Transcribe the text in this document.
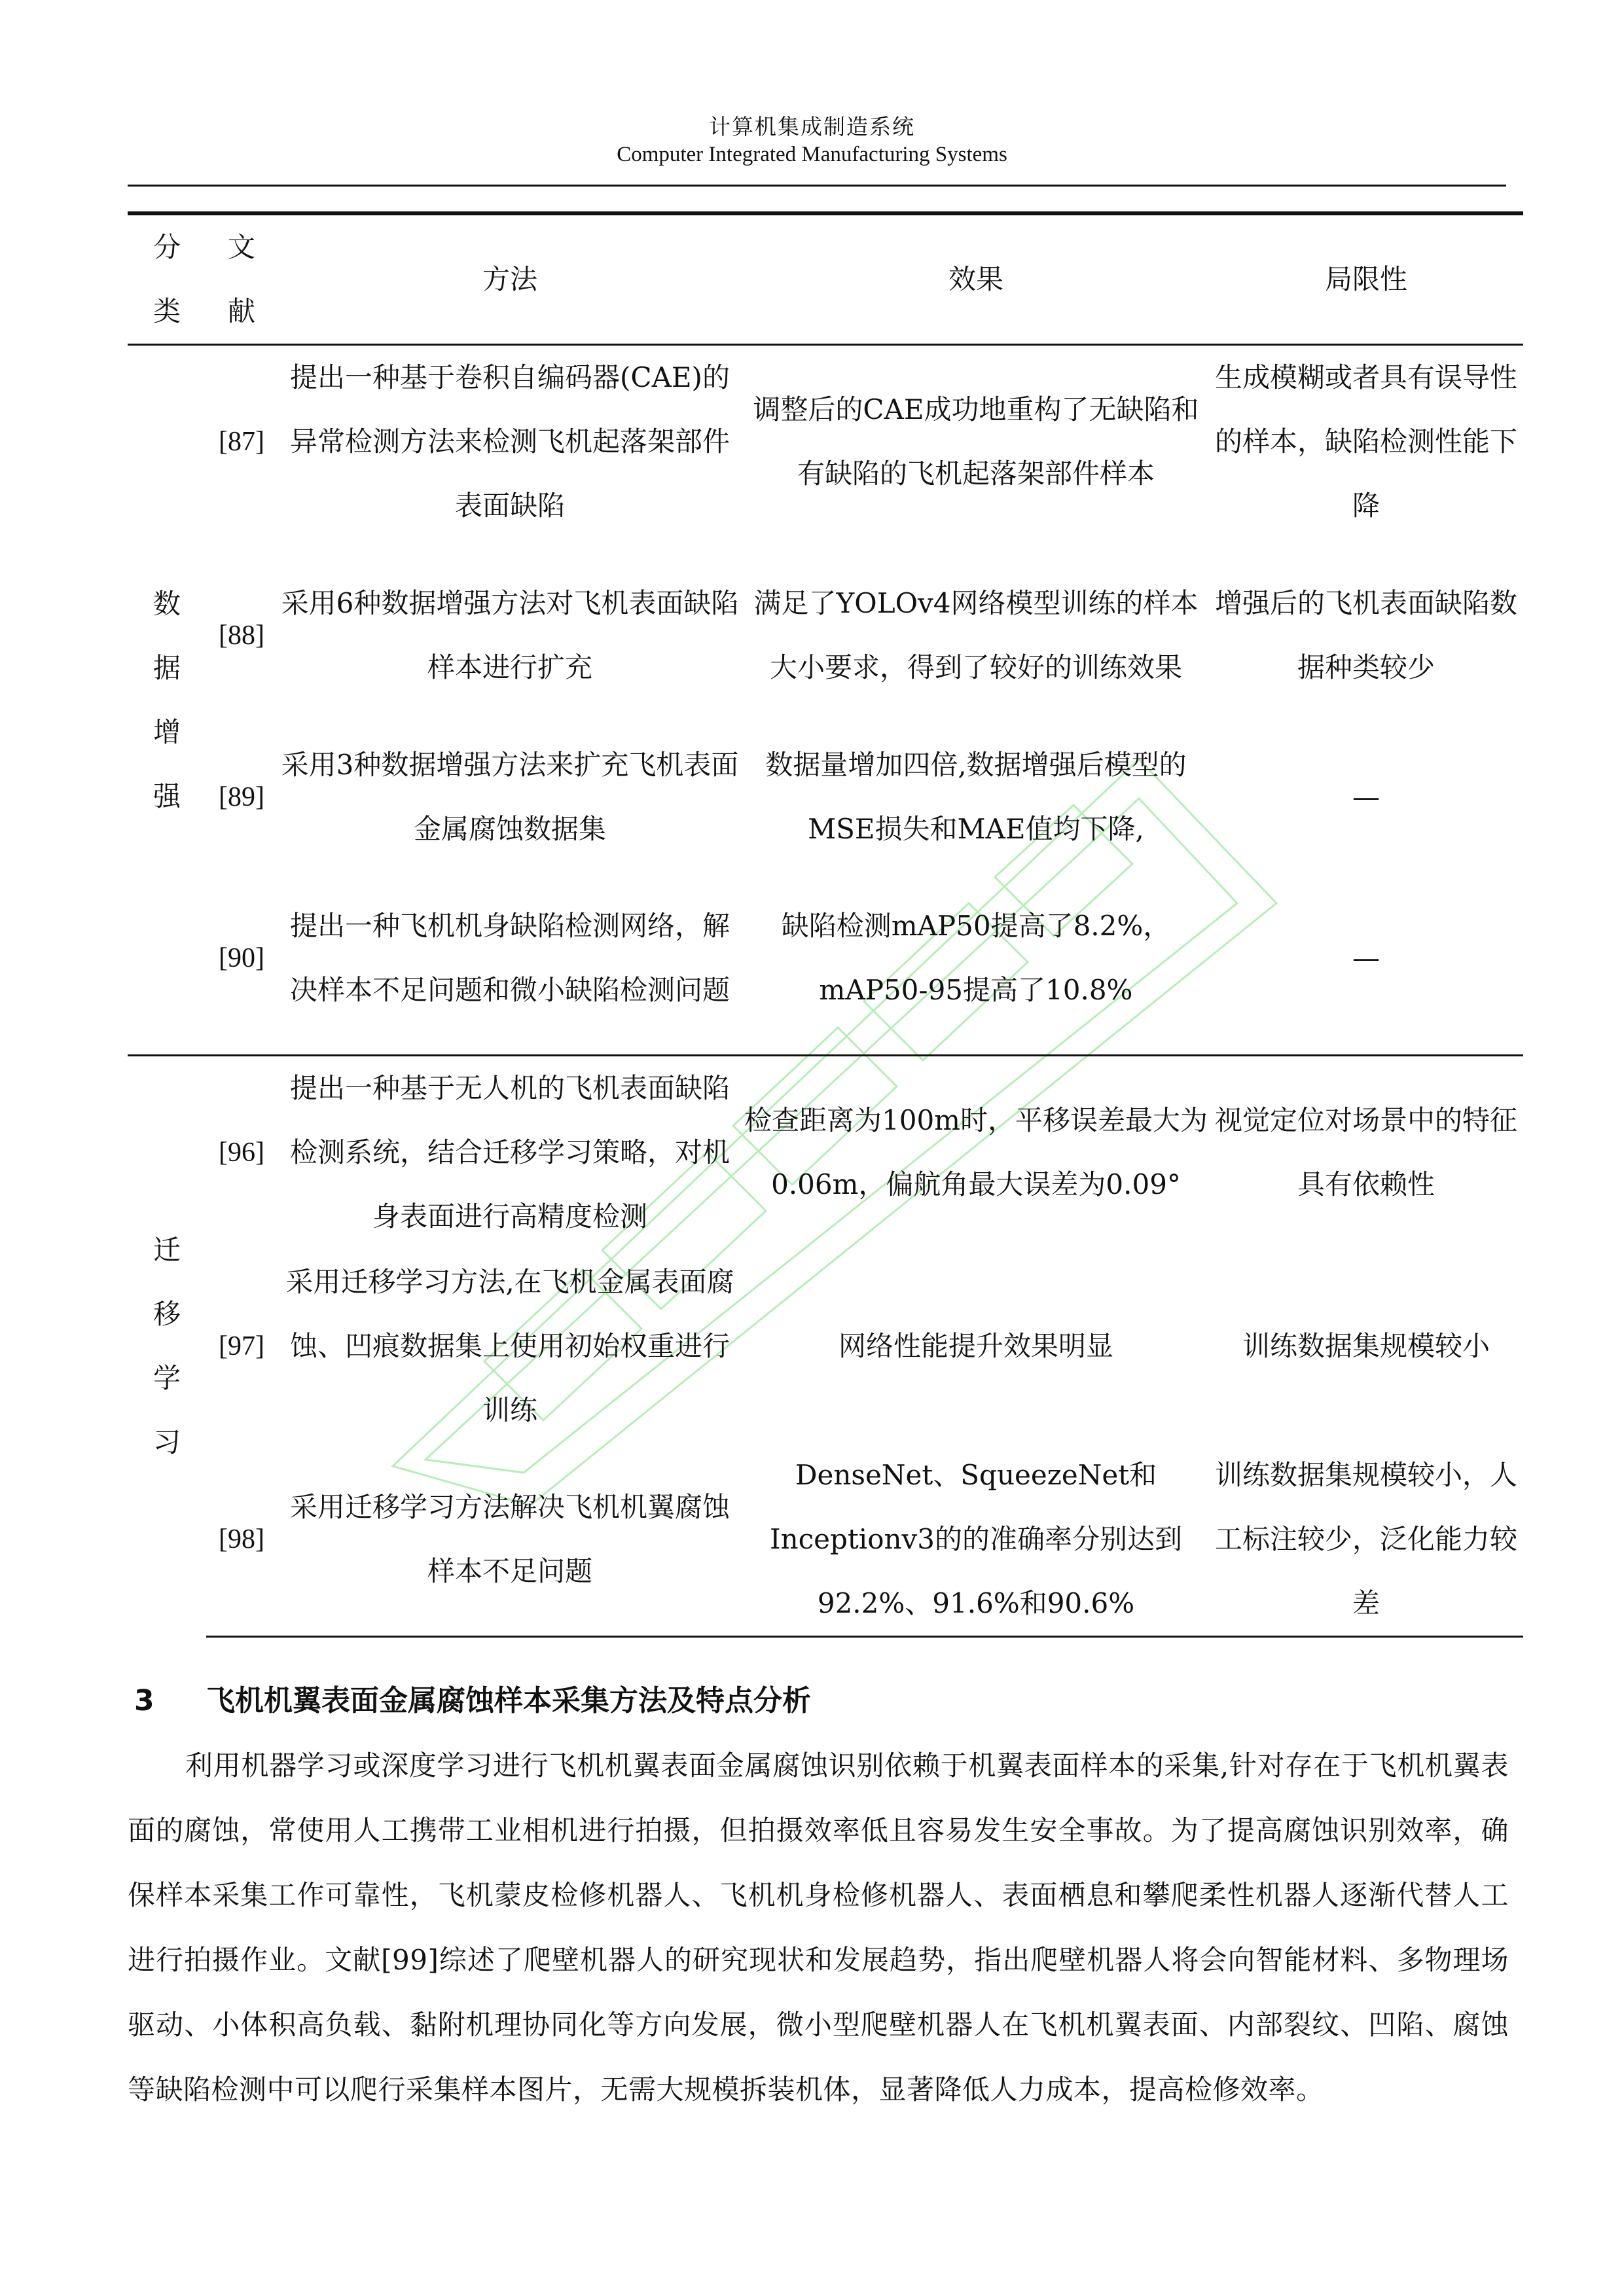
计算机集成制造系统
Computer Integrated Manufacturing Systems
分类	文献	方法	效果	局限性
数据增强	[87]	提出一种基于卷积自编码器(CAE)的异常检测方法来检测飞机起落架部件表面缺陷	调整后的CAE成功地重构了无缺陷和有缺陷的飞机起落架部件样本	生成模糊或者具有误导性的样本，缺陷检测性能下降
	[88]	采用6种数据增强方法对飞机表面缺陷样本进行扩充	满足了YOLOv4网络模型训练的样本大小要求，得到了较好的训练效果	增强后的飞机表面缺陷数据种类较少
	[89]	采用3种数据增强方法来扩充飞机表面金属腐蚀数据集	数据量增加四倍,数据增强后模型的MSE损失和MAE值均下降,	—
	[90]	提出一种飞机机身缺陷检测网络，解决样本不足问题和微小缺陷检测问题	缺陷检测mAP50提高了8.2%，mAP50-95提高了10.8%	—
迁移学习	[96]	提出一种基于无人机的飞机表面缺陷检测系统，结合迁移学习策略，对机身表面进行高精度检测	检查距离为100m时，平移误差最大为0.06m，偏航角最大误差为0.09°	视觉定位对场景中的特征具有依赖性
	[97]	采用迁移学习方法,在飞机金属表面腐蚀、凹痕数据集上使用初始权重进行训练	网络性能提升效果明显	训练数据集规模较小
	[98]	采用迁移学习方法解决飞机机翼腐蚀样本不足问题	DenseNet、SqueezeNet和Inceptionv3的的准确率分别达到92.2%、91.6%和90.6%	训练数据集规模较小，人工标注较少，泛化能力较差
3 飞机机翼表面金属腐蚀样本采集方法及特点分析
利用机器学习或深度学习进行飞机机翼表面金属腐蚀识别依赖于机翼表面样本的采集,针对存在于飞机机翼表面的腐蚀，常使用人工携带工业相机进行拍摄，但拍摄效率低且容易发生安全事故。为了提高腐蚀识别效率，确保样本采集工作可靠性，飞机蒙皮检修机器人、飞机机身检修机器人、表面栖息和攀爬柔性机器人逐渐代替人工进行拍摄作业。文献[99]综述了爬壁机器人的研究现状和发展趋势，指出爬壁机器人将会向智能材料、多物理场驱动、小体积高负载、黏附机理协同化等方向发展，微小型爬壁机器人在飞机机翼表面、内部裂纹、凹陷、腐蚀等缺陷检测中可以爬行采集样本图片，无需大规模拆装机体，显著降低人力成本，提高检修效率。
